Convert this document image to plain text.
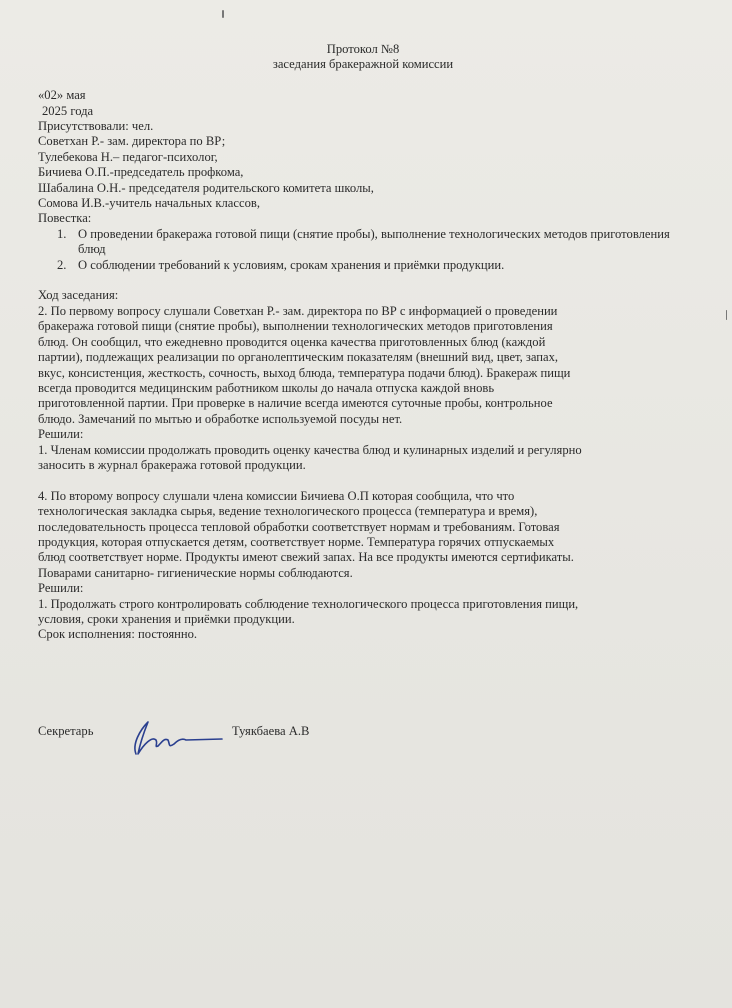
Протокол №8
заседания бракеражной комиссии
«02» мая
2025 года
Присутствовали: чел.
Советхан Р.- зам. директора по ВР;
Тулебекова Н.– педагог-психолог,
Бичиева О.П.-председатель профкома,
Шабалина О.Н.- председателя родительского комитета школы,
Сомова И.В.-учитель начальных классов,
Повестка:
1. О проведении бракеража готовой пищи (снятие пробы), выполнение технологических методов приготовления блюд
2. О соблюдении требований к условиям, срокам хранения и приёмки продукции.
Ход заседания:
2. По первому вопросу слушали Советхан Р.- зам. директора по ВР с информацией о проведении
бракеража готовой пищи (снятие пробы), выполнении технологических методов приготовления
блюд. Он сообщил, что ежедневно проводится оценка качества приготовленных блюд (каждой
партии), подлежащих реализации по органолептическим показателям (внешний вид, цвет, запах,
вкус, консистенция, жесткость, сочность, выход блюда, температура подачи блюд). Бракераж пищи
всегда проводится медицинским работником школы до начала отпуска каждой вновь
приготовленной партии. При проверке в наличие всегда имеются суточные пробы, контрольное
блюдо. Замечаний по мытью и обработке используемой посуды нет.
Решили:
1. Членам комиссии продолжать проводить оценку качества блюд и кулинарных изделий и регулярно
заносить в журнал бракеража готовой продукции.
4. По второму вопросу слушали члена комиссии Бичиева О.П которая сообщила, что что
технологическая закладка сырья, ведение технологического процесса (температура и время),
последовательность процесса тепловой обработки соответствует нормам и требованиям. Готовая
продукция, которая отпускается детям, соответствует норме. Температура горячих отпускаемых
блюд соответствует норме. Продукты имеют свежий запах. На все продукты имеются сертификаты.
Поварами санитарно- гигиенические нормы соблюдаются.
Решили:
1. Продолжать строго контролировать соблюдение технологического процесса приготовления пищи,
условия, сроки хранения и приёмки продукции.
Срок исполнения: постоянно.
Секретарь	Туякбаева А.В
